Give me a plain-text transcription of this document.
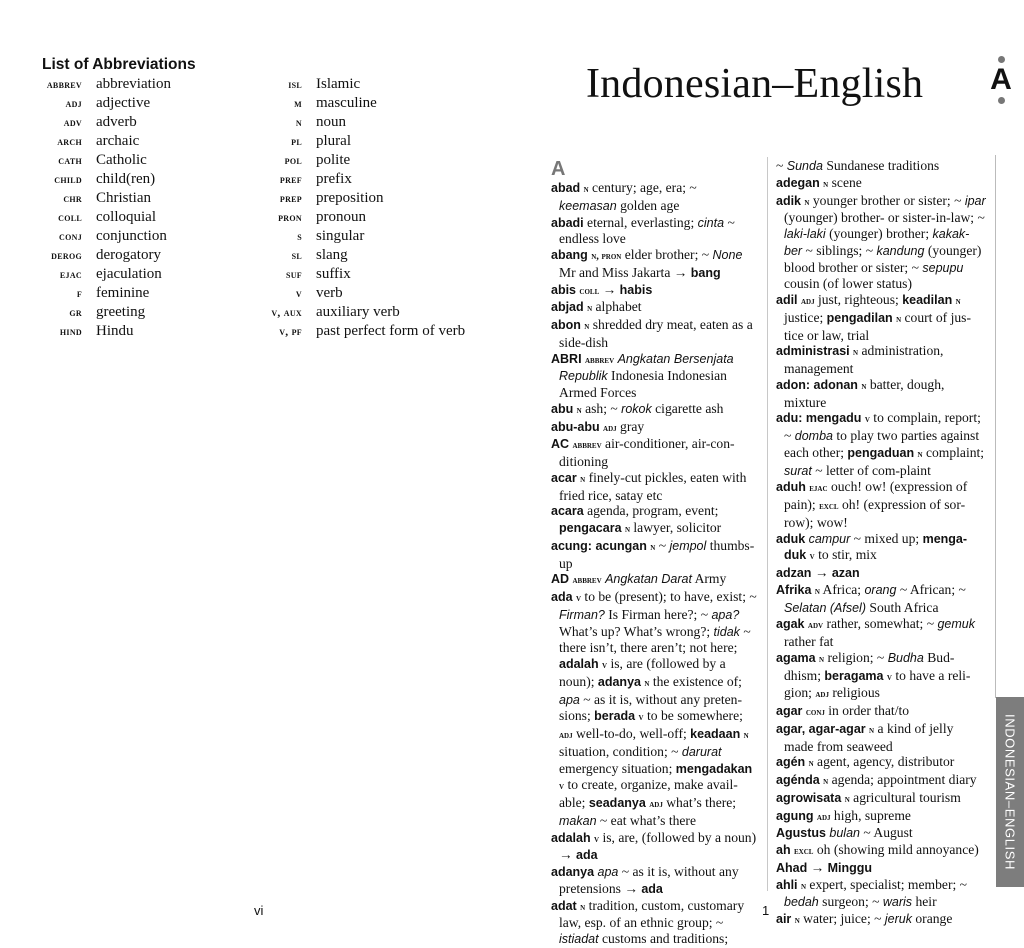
List of Abbreviations
abbrev abbreviation
adj adjective
adv adverb
arch archaic
cath Catholic
child child(ren)
chr Christian
coll colloquial
conj conjunction
derog derogatory
ejac ejaculation
f feminine
gr greeting
hind Hindu
isl Islamic
m masculine
n noun
pl plural
pol polite
pref prefix
prep preposition
pron pronoun
s singular
sl slang
suf suffix
v verb
v, aux auxiliary verb
v, pf past perfect form of verb
vi
Indonesian–English A
INDONESIAN–ENGLISH
A
abad n century; age, era; ~ keemasan golden age
abadi eternal, everlasting; cinta ~ endless love
abang n, pron elder brother; ~ None Mr and Miss Jakarta → bang
abis coll → habis
abjad n alphabet
abon n shredded dry meat, eaten as a side-dish
ABRI abbrev Angkatan Bersenjata Republik Indonesia Indonesian Armed Forces
abu n ash; ~ rokok cigarette ash
abu-abu adj gray
AC abbrev air-conditioner, air-con-ditioning
acar n finely-cut pickles, eaten with fried rice, satay etc
acara agenda, program, event; pengacara n lawyer, solicitor
acung: acungan n ~ jempol thumbs-up
AD abbrev Angkatan Darat Army
ada v to be (present); to have, exist; ~ Firman? Is Firman here?; ~ apa? What’s up? What’s wrong?; tidak ~ there isn’t, there aren’t; not here; adalah v is, are (followed by a noun); adanya n the existence of; apa ~ as it is, without any preten-sions; berada v to be somewhere; adj well-to-do, well-off; keadaan n situation, condition; ~ darurat emergency situation; mengadakan v to create, organize, make avail-able; seadanya adj what’s there; makan ~ eat what’s there
adalah v is, are, (followed by a noun) → ada
adanya apa ~ as it is, without any pretensions → ada
adat n tradition, custom, customary law, esp. of an ethnic group; ~ istiadat customs and traditions;
~ Sunda Sundanese traditions
adegan n scene
adik n younger brother or sister; ~ ipar (younger) brother- or sister-in-law; ~ laki-laki (younger) brother; kakak-ber ~ siblings; ~ kandung (younger) blood brother or sister; ~ sepupu cousin (of lower status)
adil adj just, righteous; keadilan n justice; pengadilan n court of jus-tice or law, trial
administrasi n administration, management
adon: adonan n batter, dough, mixture
adu: mengadu v to complain, report; ~ domba to play two parties against each other; pengaduan n complaint; surat ~ letter of com-plaint
aduh ejac ouch! ow! (expression of pain); excl oh! (expression of sor-row); wow!
aduk campur ~ mixed up; menga-duk v to stir, mix
adzan → azan
Afrika n Africa; orang ~ African; ~ Selatan (Afsel) South Africa
agak adv rather, somewhat; ~ gemuk rather fat
agama n religion; ~ Budha Bud-dhism; beragama v to have a reli-gion; adj religious
agar conj in order that/to
agar, agar-agar n a kind of jelly made from seaweed
agén n agent, agency, distributor
agénda n agenda; appointment diary
agrowisata n agricultural tourism
agung adj high, supreme
Agustus bulan ~ August
ah excl oh (showing mild annoyance)
Ahad → Minggu
ahli n expert, specialist; member; ~ bedah surgeon; ~ waris heir
air n water; juice; ~ jeruk orange
1
